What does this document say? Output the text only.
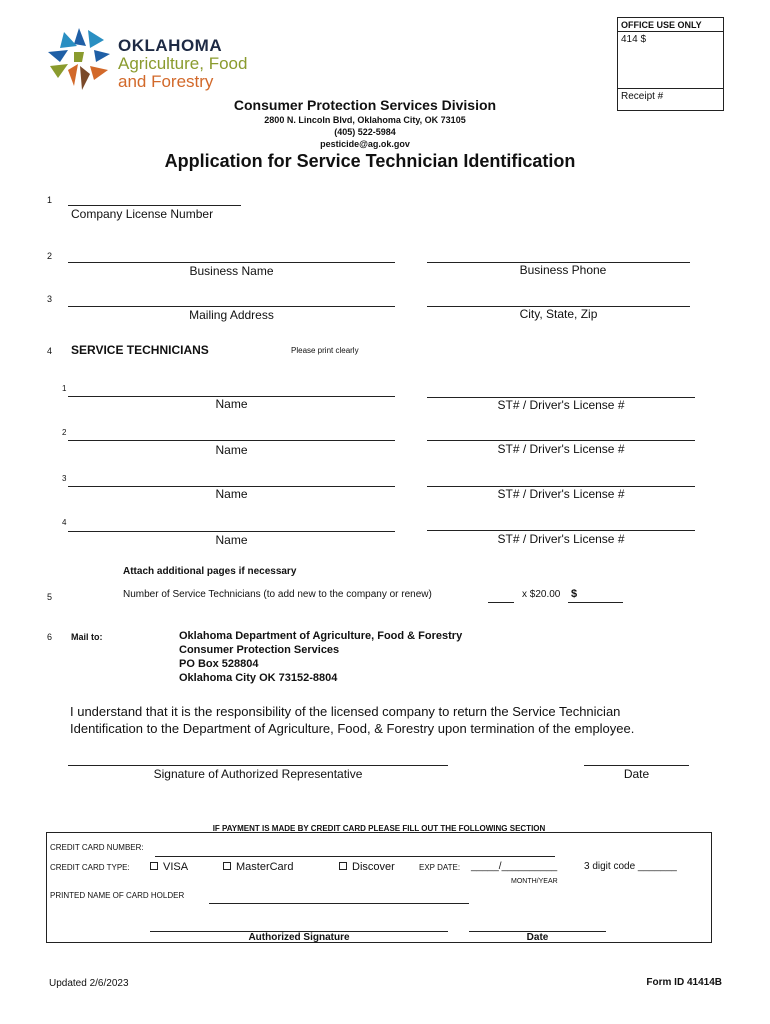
OKLAHOMA
Agriculture, Food
and Forestry
OFFICE USE ONLY
414 $
Receipt #
Consumer Protection Services Division
2800 N. Lincoln Blvd, Oklahoma City, OK 73105
(405) 522-5984
pesticide@ag.ok.gov
Application for Service Technician Identification
1
Company License Number
2
Business Name	Business Phone
3
Mailing Address	City, State, Zip
4 SERVICE TECHNICIANS	Please print clearly
1
Name	ST# / Driver's License #
2
Name	ST# / Driver's License #
3
Name	ST# / Driver's License #
4
Name	ST# / Driver's License #
Attach additional pages if necessary
5	Number of Service Technicians (to add new to the company or renew)	x $20.00 $
6 Mail to:	Oklahoma Department of Agriculture, Food & Forestry
Consumer Protection Services
PO Box 528804
Oklahoma City OK 73152-8804
I understand that it is the responsibility of the licensed company to return the Service Technician
Identification to the Department of Agriculture, Food, & Forestry upon termination of the employee.
Signature of Authorized Representative	Date
IF PAYMENT IS MADE BY CREDIT CARD PLEASE FILL OUT THE FOLLOWING SECTION
CREDIT CARD NUMBER:
CREDIT CARD TYPE:	VISA	MasterCard	Discover	EXP DATE: _____/__________
MONTH/YEAR
3 digit code _______
PRINTED NAME OF CARD HOLDER
Authorized Signature	Date
Updated 2/6/2023	Form ID 41414B
